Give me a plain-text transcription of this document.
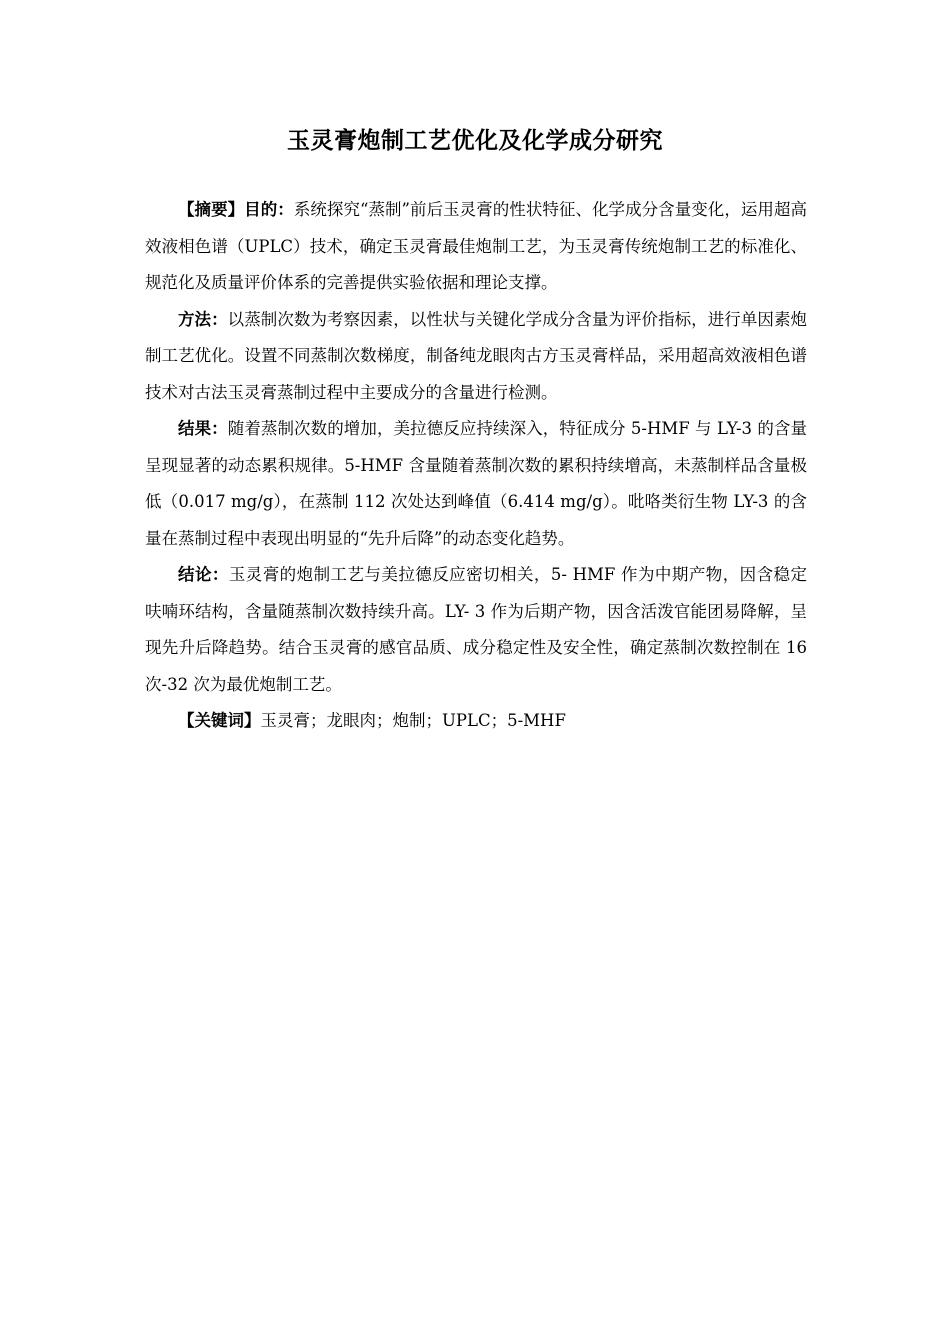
玉灵膏炮制工艺优化及化学成分研究

【摘要】目的：系统探究“蒸制”前后玉灵膏的性状特征、化学成分含量变化，运用超高效液相色谱（UPLC）技术，确定玉灵膏最佳炮制工艺，为玉灵膏传统炮制工艺的标准化、规范化及质量评价体系的完善提供实验依据和理论支撑。

方法：以蒸制次数为考察因素，以性状与关键化学成分含量为评价指标，进行单因素炮制工艺优化。设置不同蒸制次数梯度，制备纯龙眼肉古方玉灵膏样品，采用超高效液相色谱技术对古法玉灵膏蒸制过程中主要成分的含量进行检测。

结果：随着蒸制次数的增加，美拉德反应持续深入，特征成分 5-HMF 与 LY-3 的含量呈现显著的动态累积规律。5-HMF 含量随着蒸制次数的累积持续增高，未蒸制样品含量极低（0.017 mg/g），在蒸制 112 次处达到峰值（6.414 mg/g）。吡咯类衍生物 LY-3 的含量在蒸制过程中表现出明显的“先升后降”的动态变化趋势。

结论：玉灵膏的炮制工艺与美拉德反应密切相关，5- HMF 作为中期产物，因含稳定呋喃环结构，含量随蒸制次数持续升高。LY- 3 作为后期产物，因含活泼官能团易降解，呈现先升后降趋势。结合玉灵膏的感官品质、成分稳定性及安全性，确定蒸制次数控制在 16 次-32 次为最优炮制工艺。

【关键词】玉灵膏；龙眼肉；炮制；UPLC；5-MHF
